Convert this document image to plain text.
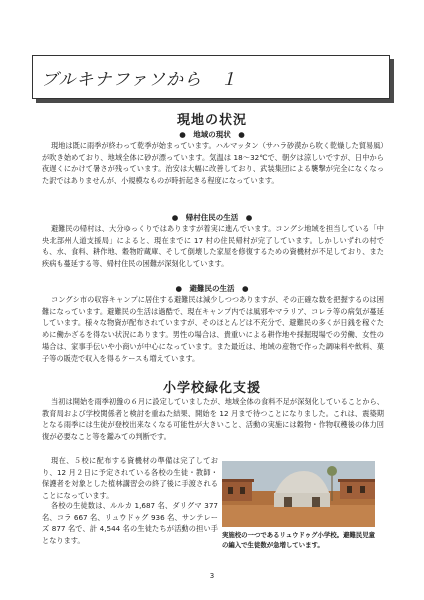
ブルキナファソから　１
現地の状況
●　地域の現状　●

現地は既に雨季が終わって乾季が始まっています。ハルマッタン（サハラ砂漠から吹く乾燥した貿易風）が吹き始めており、地域全体に砂が漂っています。気温は 18～32℃で、朝夕は涼しいですが、日中から夜遅くにかけて暑さが残っています。治安は大幅に改善しており、武装集団による襲撃が完全になくなった訳ではありませんが、小規模なものが時折起きる程度になっています。

●　帰村住民の生活　●

避難民の帰村は、大分ゆっくりではありますが着実に進んでいます。コングシ地域を担当している「中央北部州人道支援局」によると、現在までに 17 村の住民帰村が完了しています。しかしいずれの村でも、水、食料、耕作地、穀物貯蔵庫、そして倒壊した家屋を修復するための資機材が不足しており、また疾病も蔓延する等、帰村住民の困難が深刻化しています。

●　避難民の生活　●

コングシ市の収容キャンプに居住する避難民は減少しつつありますが、その正確な数を把握するのは困難になっています。避難民の生活は過酷で、現在キャンプ内では風邪やマラリア、コレラ等の病気が蔓延しています。様々な物資が配布されていますが、そのほとんどは不充分で、避難民の多くが日銭を稼ぐために働かざるを得ない状況にあります。男性の場合は、貴重いによる耕作地や採掘現場での労働、女性の場合は、家事手伝いや小商いが中心になっています。また最近は、地域の産物で作った調味料や飲料、菓子等の販売で収入を得るケースも増えています。

小学校緑化支援

当初は開始を雨季初盤の６月に設定していましたが、地域全体の食料不足が深刻化していることから、教育局および学校関係者と検討を重ねた結果、開始を 12 月まで待つことになりました。これは、震築期となる雨季には生徒が登校出来なくなる可能性が大きいこと、活動の実施には穀物・作物収穫後の体力回復が必要なこと等を鑑みての判断です。

現在、５校に配布する資機材の準備は完了しており、12 月２日に予定されている各校の生徒・教師・保護者を対象とした植林講習会の終了後に手渡されることになっています。

各校の生徒数は、ルルカ 1,687 名、ダリグマ 377 名、コラ 667 名、リュウドゥグ 936 名、サンテレーズ 877 名で、計 4,544 名の生徒たちが活動の担い手となります。

実施校の一つであるリュウドゥグ小学校。避難民児童の編入で生徒数が急増しています。
3
